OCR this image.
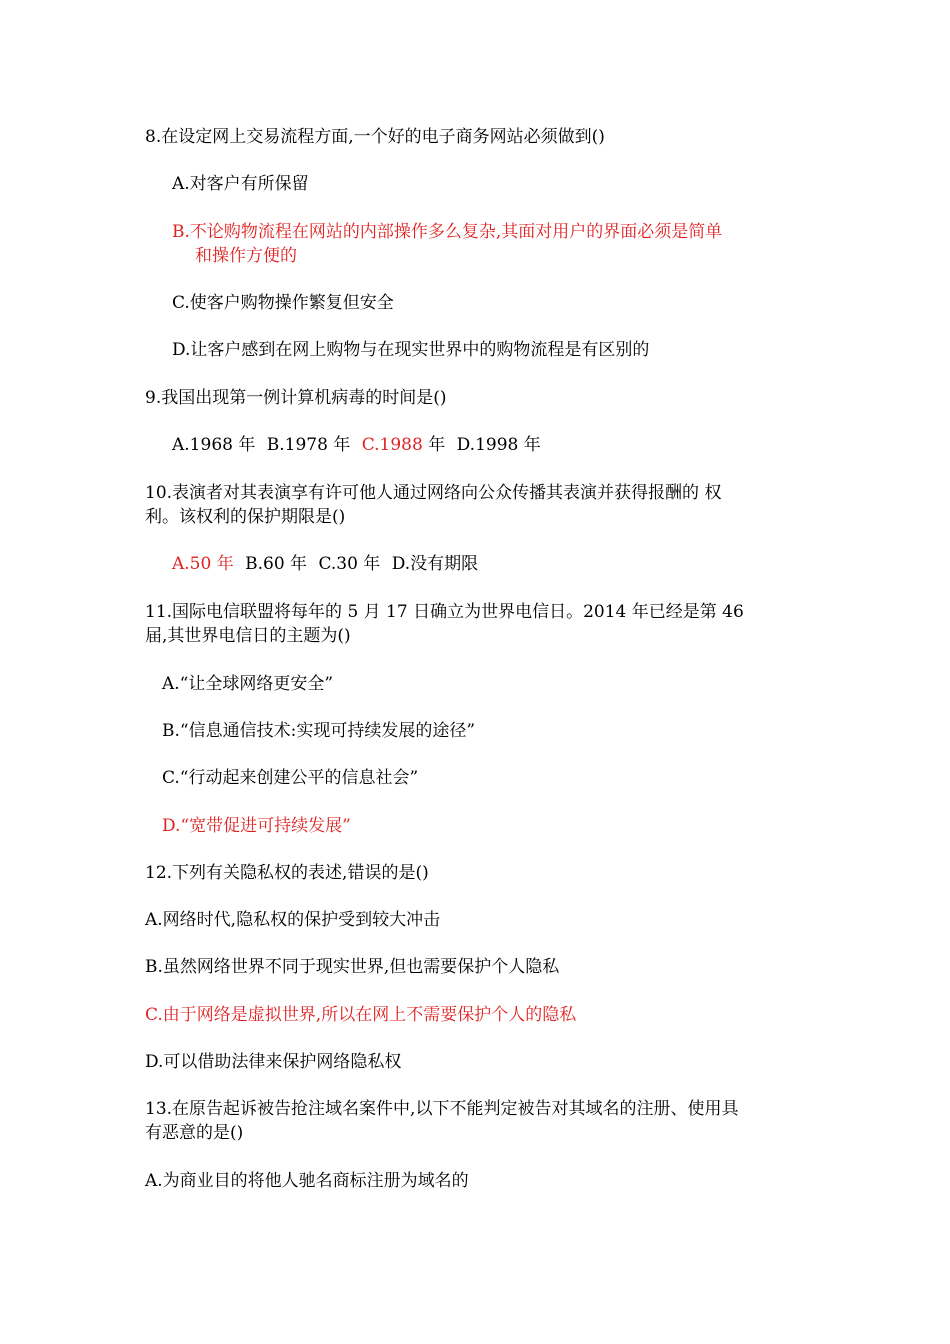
8.在设定网上交易流程方面,一个好的电子商务网站必须做到()
A.对客户有所保留
B.不论购物流程在网站的内部操作多么复杂,其面对用户的界面必须是简单
和操作方便的
C.使客户购物操作繁复但安全
D.让客户感到在网上购物与在现实世界中的购物流程是有区别的
9.我国出现第一例计算机病毒的时间是()
A.1968 年 B.1978 年 C.1988 年 D.1998 年
10.表演者对其表演享有许可他人通过网络向公众传播其表演并获得报酬的 权
利。该权利的保护期限是()
A.50 年 B.60 年 C.30 年 D.没有期限
11.国际电信联盟将每年的 5 月 17 日确立为世界电信日。2014 年已经是第 46
届,其世界电信日的主题为()
A.“让全球网络更安全”
B.“信息通信技术:实现可持续发展的途径”
C.“行动起来创建公平的信息社会”
D.“宽带促进可持续发展”
12.下列有关隐私权的表述,错误的是()
A.网络时代,隐私权的保护受到较大冲击
B.虽然网络世界不同于现实世界,但也需要保护个人隐私
C.由于网络是虚拟世界,所以在网上不需要保护个人的隐私
D.可以借助法律来保护网络隐私权
13.在原告起诉被告抢注域名案件中,以下不能判定被告对其域名的注册、使用具
有恶意的是()
A.为商业目的将他人驰名商标注册为域名的
